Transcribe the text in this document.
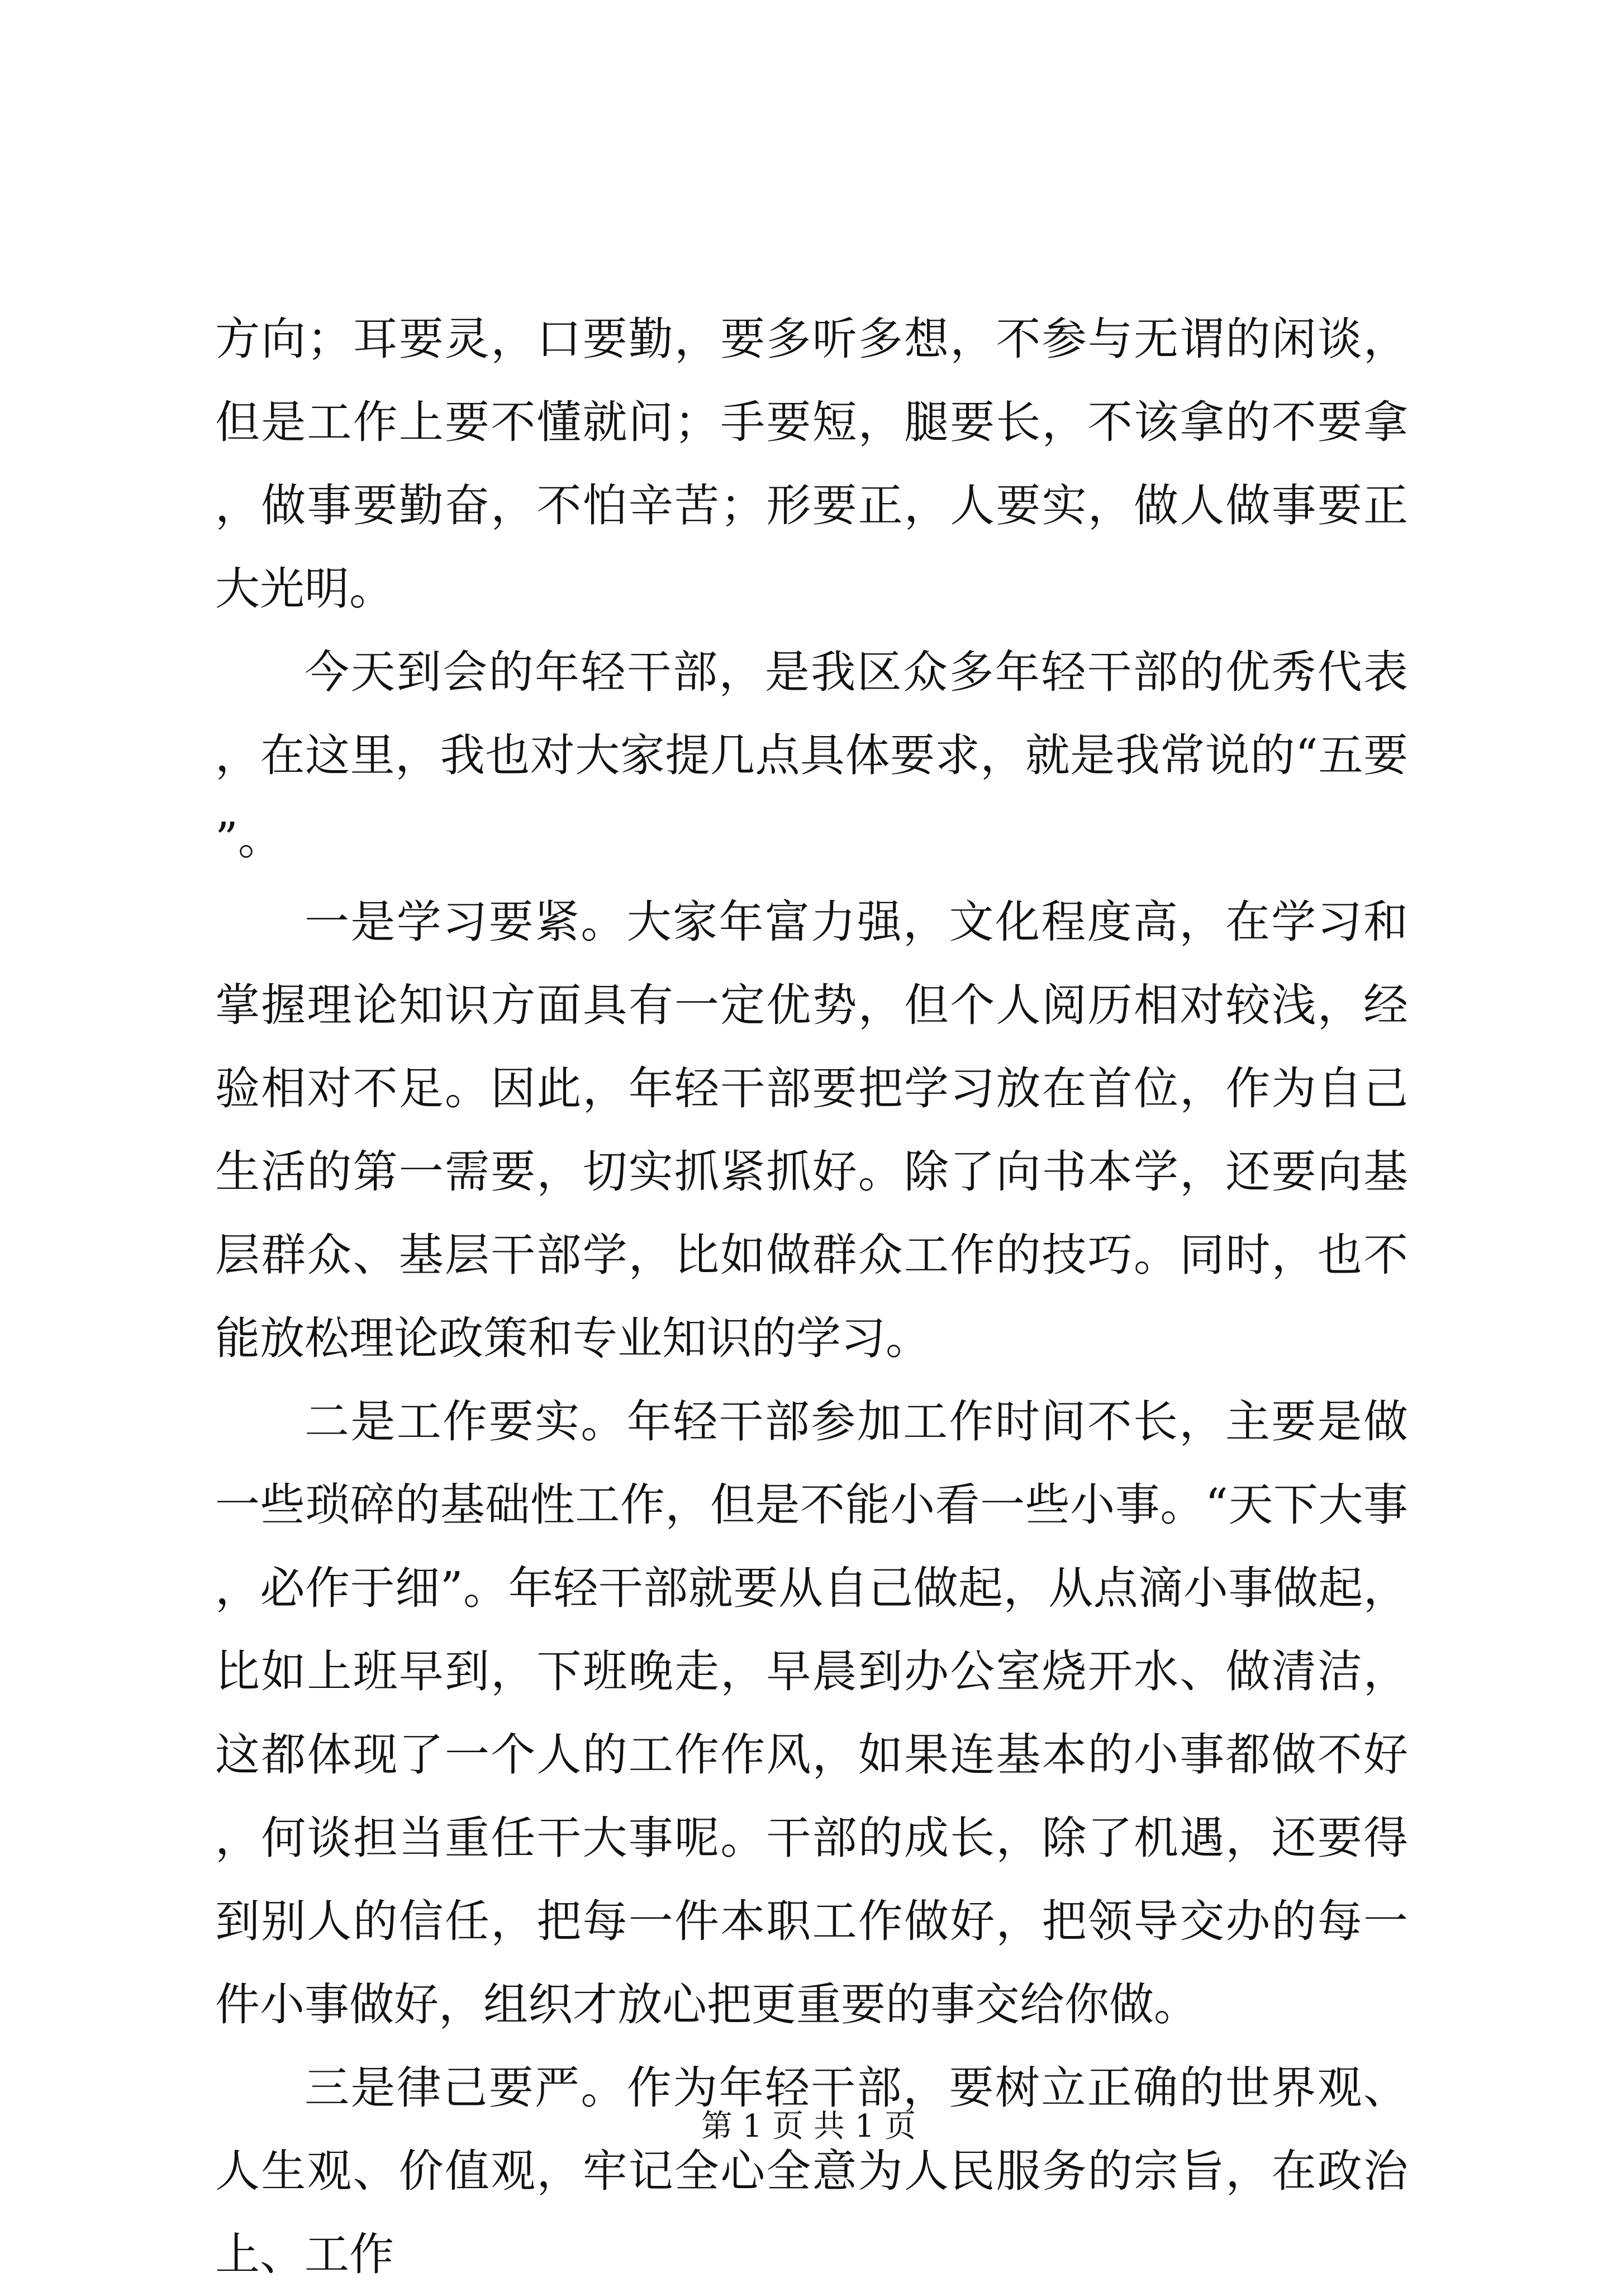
方向；耳要灵，口要勤，要多听多想，不参与无谓的闲谈，但是工作上要不懂就问；手要短，腿要长，不该拿的不要拿，做事要勤奋，不怕辛苦；形要正，人要实，做人做事要正大光明。

今天到会的年轻干部，是我区众多年轻干部的优秀代表，在这里，我也对大家提几点具体要求，就是我常说的“五要”。

一是学习要紧。大家年富力强，文化程度高，在学习和掌握理论知识方面具有一定优势，但个人阅历相对较浅，经验相对不足。因此，年轻干部要把学习放在首位，作为自己生活的第一需要，切实抓紧抓好。除了向书本学，还要向基层群众、基层干部学，比如做群众工作的技巧。同时，也不能放松理论政策和专业知识的学习。

二是工作要实。年轻干部参加工作时间不长，主要是做一些琐碎的基础性工作，但是不能小看一些小事。“天下大事，必作于细”。年轻干部就要从自己做起，从点滴小事做起，比如上班早到，下班晚走，早晨到办公室烧开水、做清洁，这都体现了一个人的工作作风，如果连基本的小事都做不好，何谈担当重任干大事呢。干部的成长，除了机遇，还要得到别人的信任，把每一件本职工作做好，把领导交办的每一件小事做好，组织才放心把更重要的事交给你做。

三是律己要严。作为年轻干部，要树立正确的世界观、人生观、价值观，牢记全心全意为人民服务的宗旨，在政治上、工作

第 1 页 共 1 页
